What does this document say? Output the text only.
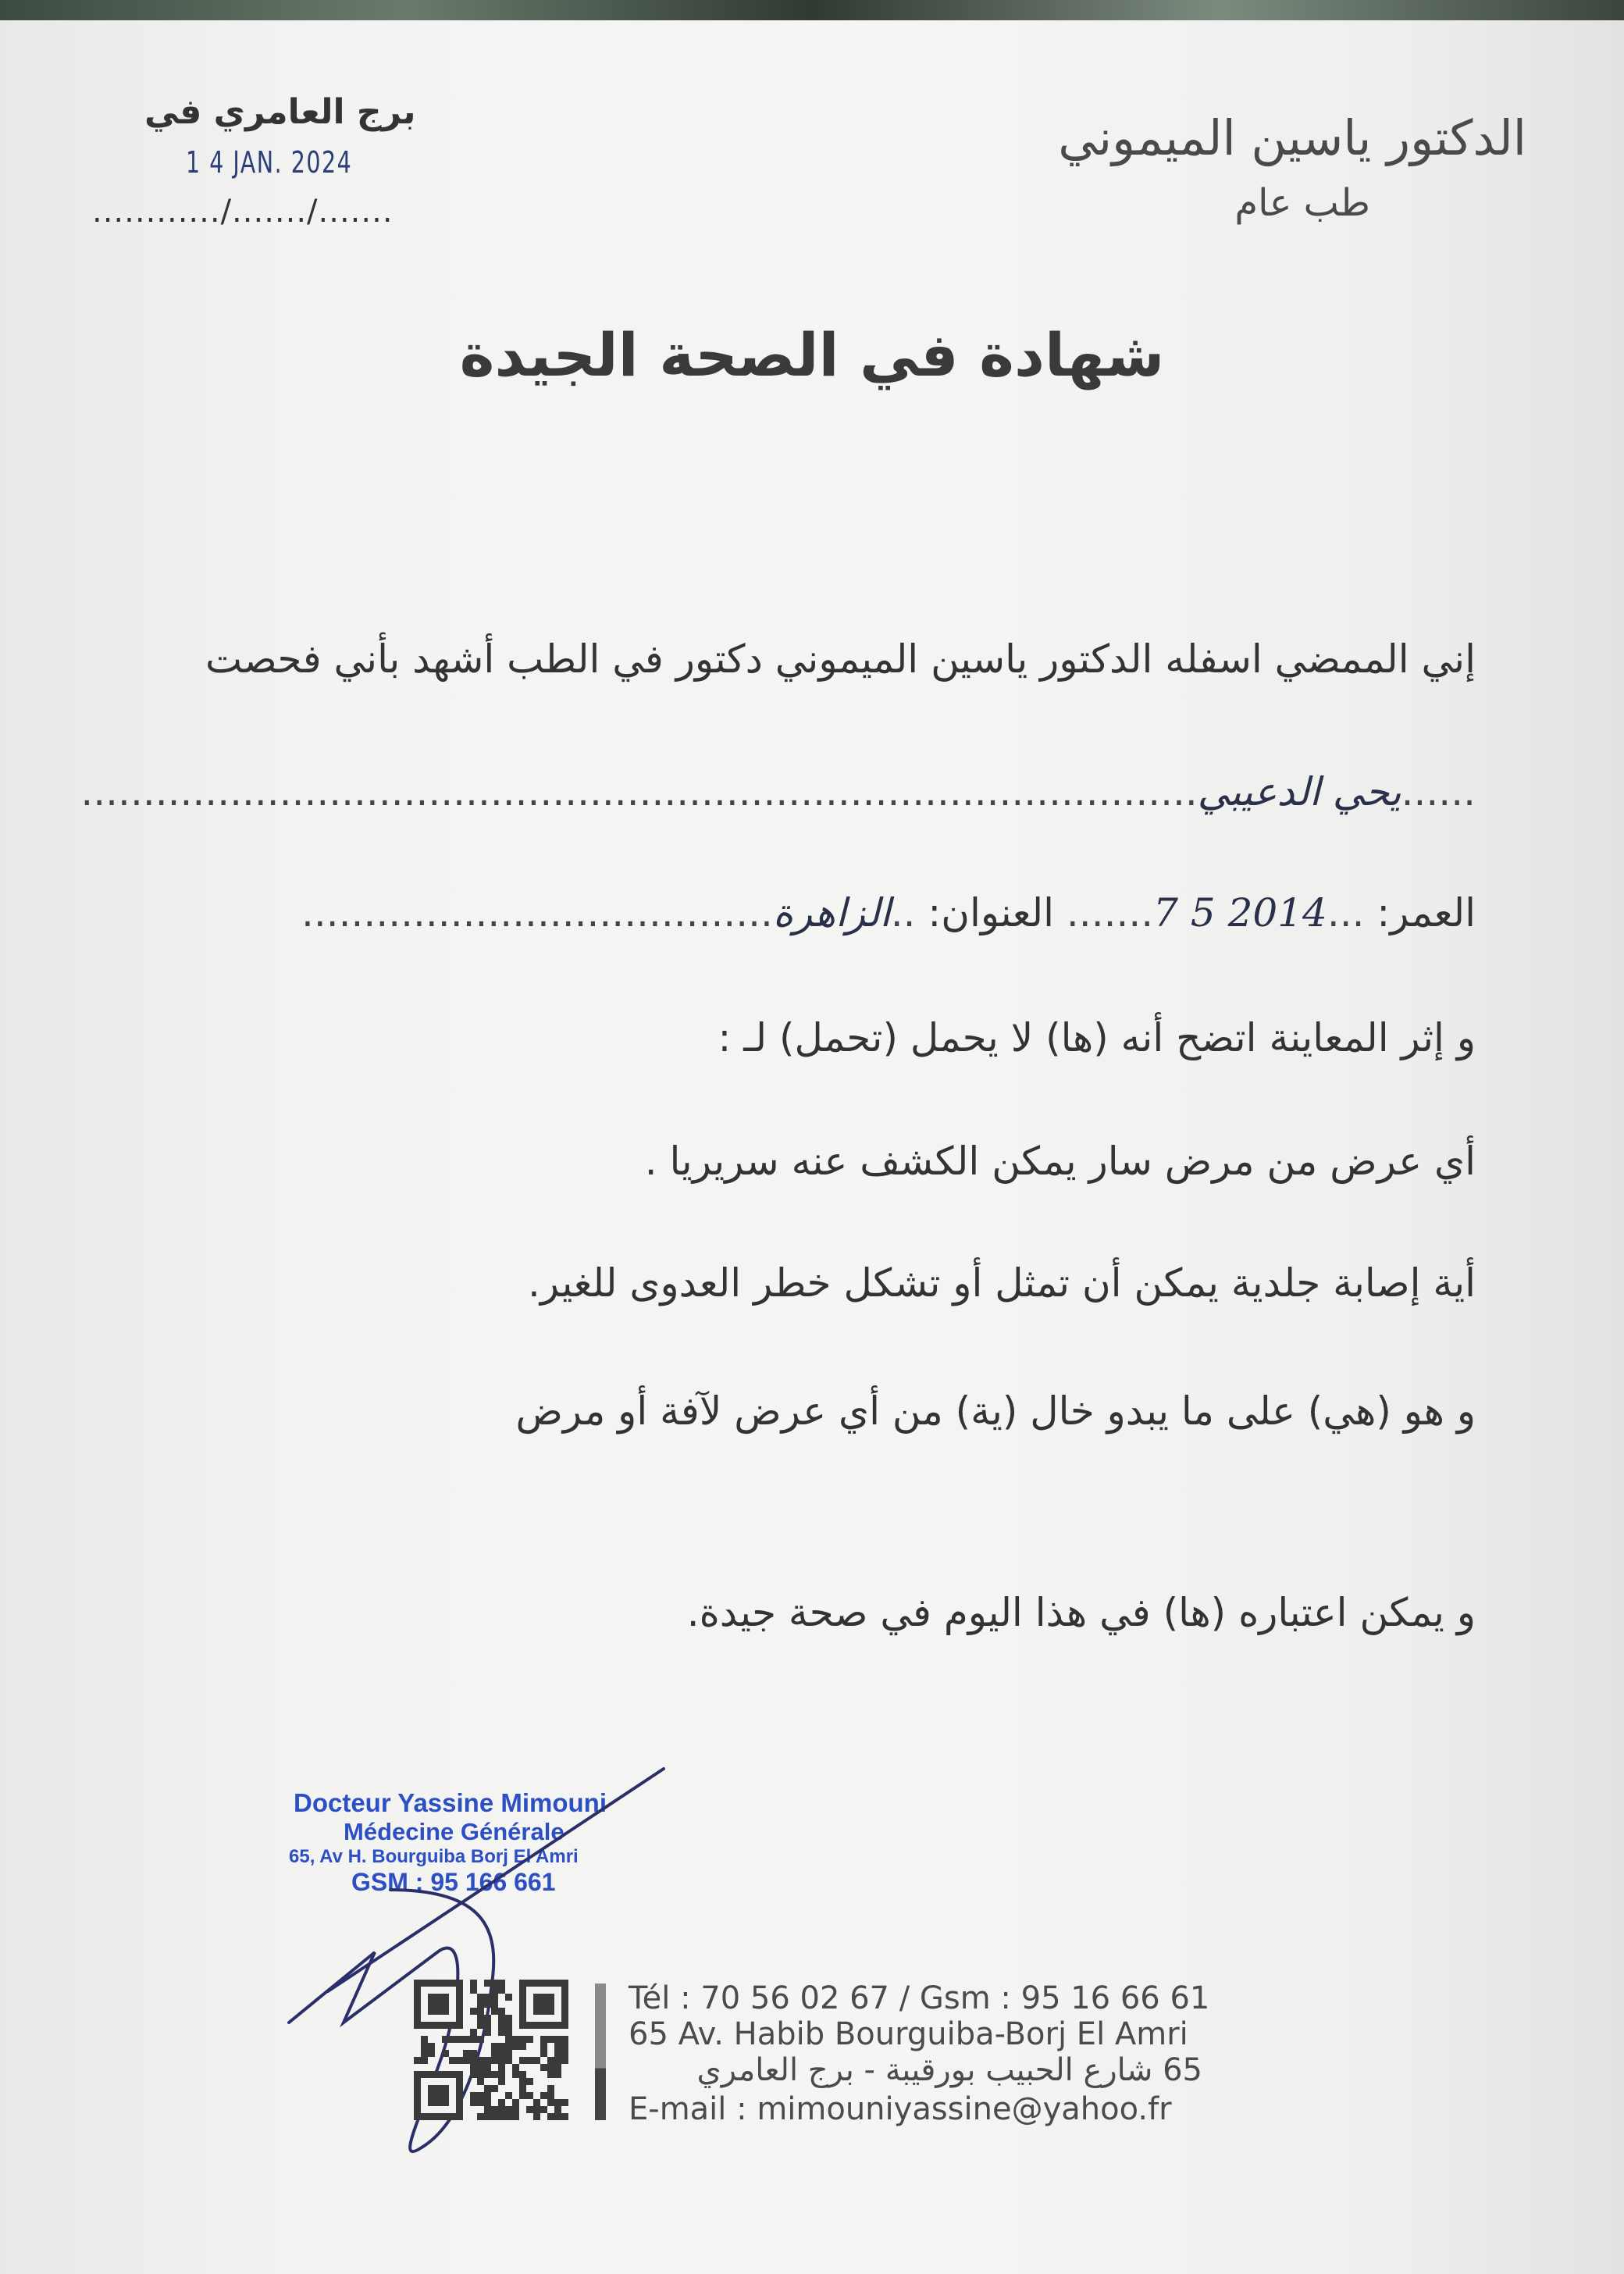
الدكتور ياسين الميموني
طب عام
برج العامري في
1 4 JAN. 2024
............/......./.......
شهادة في الصحة الجيدة
إني الممضي اسفله الدكتور ياسين الميموني دكتور في الطب أشهد بأني فحصت
......يحي الدعيبي..........................................................................................
العمر: ...7 5 2014....... العنوان: ..الزاهرة......................................
و إثر المعاينة اتضح أنه (ها) لا يحمل (تحمل) لـ :
أي عرض من مرض سار يمكن الكشف عنه سريريا .
أية إصابة جلدية يمكن أن تمثل أو تشكل خطر العدوى للغير.
و هو (هي) على ما يبدو خال (ية) من أي عرض لآفة أو مرض
و يمكن اعتباره (ها) في هذا اليوم في صحة جيدة.
Docteur Yassine Mimouni
Médecine Générale
65, Av H. Bourguiba Borj El Amri
GSM : 95 166 661
Tél : 70 56 02 67 / Gsm : 95 16 66 61
65 Av. Habib Bourguiba-Borj El Amri
65 شارع الحبيب بورقيبة - برج العامري
E-mail : mimouniyassine@yahoo.fr
